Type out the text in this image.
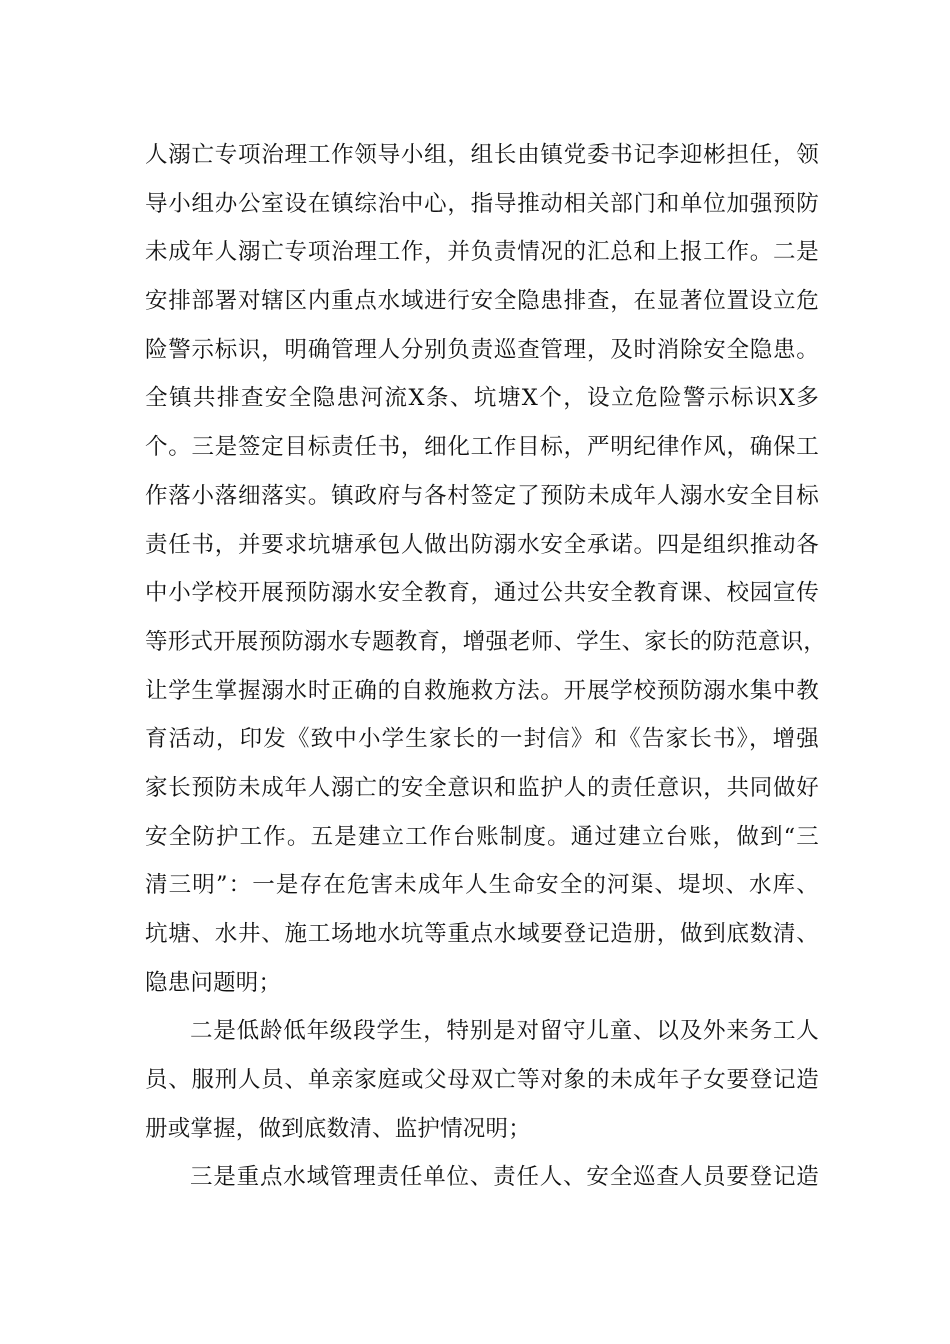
人溺亡专项治理工作领导小组，组长由镇党委书记李迎彬担任，领
导小组办公室设在镇综治中心，指导推动相关部门和单位加强预防
未成年人溺亡专项治理工作，并负责情况的汇总和上报工作。二是
安排部署对辖区内重点水域进行安全隐患排查，在显著位置设立危
险警示标识，明确管理人分别负责巡查管理，及时消除安全隐患。
全镇共排查安全隐患河流X条、坑塘X个，设立危险警示标识X多
个。三是签定目标责任书，细化工作目标，严明纪律作风，确保工
作落小落细落实。镇政府与各村签定了预防未成年人溺水安全目标
责任书，并要求坑塘承包人做出防溺水安全承诺。四是组织推动各
中小学校开展预防溺水安全教育，通过公共安全教育课、校园宣传
等形式开展预防溺水专题教育，增强老师、学生、家长的防范意识，
让学生掌握溺水时正确的自救施救方法。开展学校预防溺水集中教
育活动，印发《致中小学生家长的一封信》和《告家长书》，增强
家长预防未成年人溺亡的安全意识和监护人的责任意识，共同做好
安全防护工作。五是建立工作台账制度。通过建立台账，做到“三
清三明”：一是存在危害未成年人生命安全的河渠、堤坝、水库、
坑塘、水井、施工场地水坑等重点水域要登记造册，做到底数清、
隐患问题明；
二是低龄低年级段学生，特别是对留守儿童、以及外来务工人
员、服刑人员、单亲家庭或父母双亡等对象的未成年子女要登记造
册或掌握，做到底数清、监护情况明；
三是重点水域管理责任单位、责任人、安全巡查人员要登记造
